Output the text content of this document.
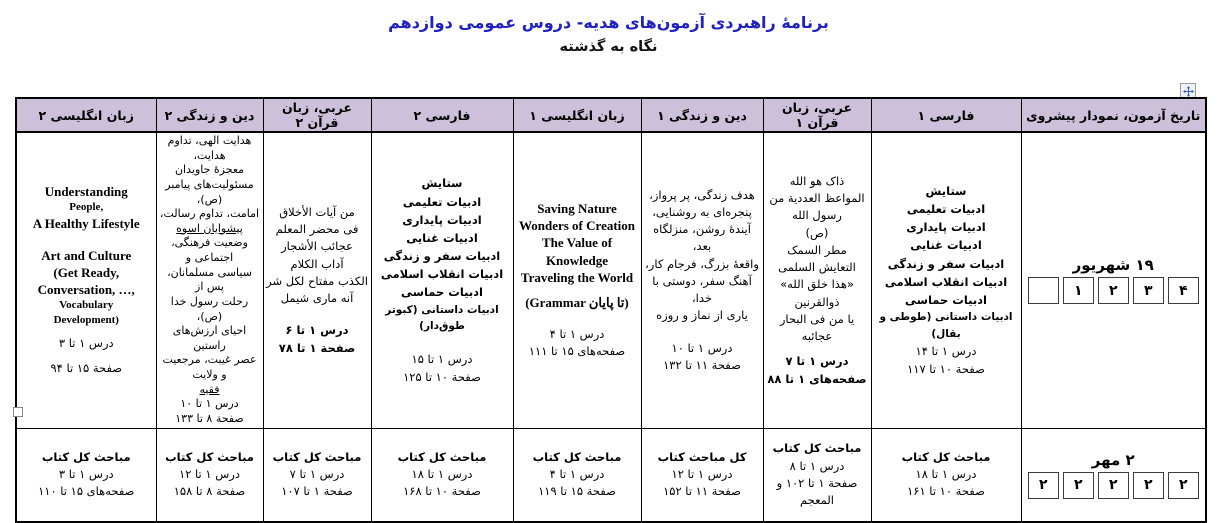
برنامهٔ راهبردی آزمون‌های هدیه- دروس عمومی دوازدهم
نگاه به گذشته
تاریخ آزمون، نمودار پیشروی	فارسی ۱	عربی، زبان قرآن ۱	دین و زندگی ۱	زبان انگلیسی ۱	فارسی ۲	عربی، زبان قرآن ۲	دین و زندگی ۲	زبان انگلیسی ۲

۱۹ شهریور
۱	۲	۳	۴

ستایش
ادبیات تعلیمی
ادبیات پایداری
ادبیات غنایی
ادبیات سفر و زندگی
ادبیات انقلاب اسلامی
ادبیات حماسی
ادبیات داستانی (طوطی و بقال)
درس ۱ تا ۱۴
صفحة ۱۰ تا ۱۱۷

ذاک هو الله
المواعظ العددیة من رسول الله
(ص)
مطر السمک
التعایش السلمی
«هذا خلق الله»
ذوالقرنین
یا من فی البحار عجائبه
درس ۱ تا ۷
صفحه‌های ۱ تا ۸۸

هدف زندگی، پر پرواز،
پنجره‌ای به روشنایی،
آیندهٔ روشن، منزلگاه بعد،
واقعهٔ بزرگ، فرجام کار،
آهنگ سفر، دوستی با خدا،
یاری از نماز و روزه
درس ۱ تا ۱۰
صفحة ۱۱ تا ۱۳۲

Saving Nature
Wonders of Creation
The Value of Knowledge
Traveling the World
(Grammar تا پایان)
درس ۱ تا ۴
صفحه‌های ۱۵ تا ۱۱۱

ستایش
ادبیات تعلیمی
ادبیات پایداری
ادبیات غنایی
ادبیات سفر و زندگی
ادبیات انقلاب اسلامی
ادبیات حماسی
ادبیات داستانی (کبوتر طوق‌دار)
درس ۱ تا ۱۵
صفحة ۱۰ تا ۱۲۵

من آیات الأخلاق
فی محضر المعلم
عجائب الأشجار
آداب الکلام
الکذب مفتاح لکل شر
آنه ماری شیمل
درس ۱ تا ۶
صفحة ۱ تا ۷۸

هدایت الهی، تداوم هدایت،
معجزهٔ جاویدان
مسئولیت‌های پیامبر (ص)،
امامت، تداوم رسالت،
پیشوایان اسوه
وضعیت فرهنگی، اجتماعی و
سیاسی مسلمانان، پس از
رحلت رسول خدا (ص)،
احیای ارزش‌های راستین
عصر غیبت، مرجعیت و ولایت
فقیه
درس ۱ تا ۱۰
صفحة ۸ تا ۱۳۳

Understanding
People,
A Healthy Lifestyle
Art and Culture
(Get Ready,
Conversation, …,
Vocabulary
Development)
درس ۱ تا ۳
صفحة ۱۵ تا ۹۴

۲ مهر
۲	۲	۲	۲	۲

مباحث کل کتاب
درس ۱ تا ۱۸
صفحة ۱۰ تا ۱۶۱

مباحث کل کتاب
درس ۱ تا ۸
صفحة ۱ تا ۱۰۲ و المعجم

کل مباحث کتاب
درس ۱ تا ۱۲
صفحة ۱۱ تا ۱۵۲

مباحث کل کتاب
درس ۱ تا ۴
صفحة ۱۵ تا ۱۱۹

مباحث کل کتاب
درس ۱ تا ۱۸
صفحة ۱۰ تا ۱۶۸

مباحث کل کتاب
درس ۱ تا ۷
صفحة ۱ تا ۱۰۷

مباحث کل کتاب
درس ۱ تا ۱۲
صفحة ۸ تا ۱۵۸

مباحث کل کتاب
درس ۱ تا ۳
صفحه‌های ۱۵ تا ۱۱۰
